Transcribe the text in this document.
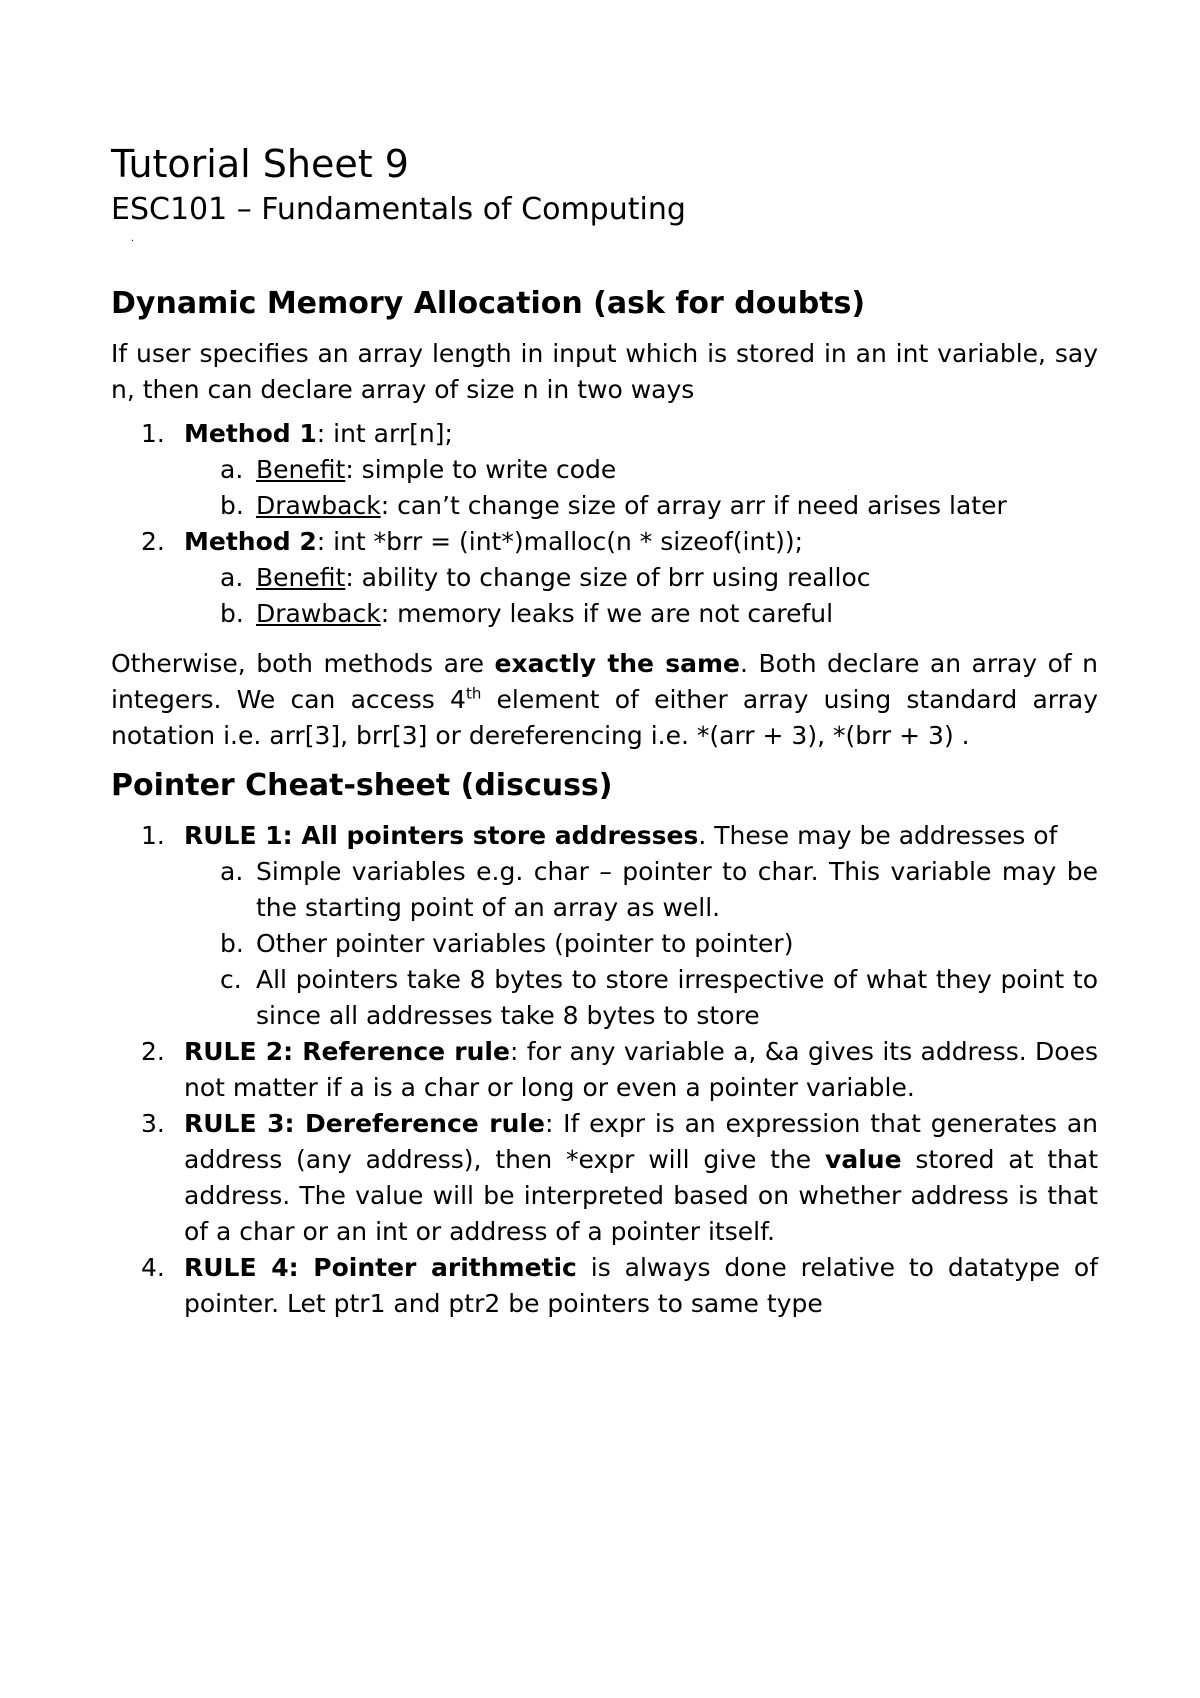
Tutorial Sheet 9
ESC101 – Fundamentals of Computing
·
Dynamic Memory Allocation (ask for doubts)

If user specifies an array length in input which is stored in an int variable, say n, then can declare array of size n in two ways

1. Method 1: int arr[n];
a. Benefit: simple to write code
b. Drawback: can’t change size of array arr if need arises later
2. Method 2: int *brr = (int*)malloc(n * sizeof(int));
a. Benefit: ability to change size of brr using realloc
b. Drawback: memory leaks if we are not careful

Otherwise, both methods are exactly the same. Both declare an array of n integers. We can access 4th element of either array using standard array notation i.e. arr[3], brr[3] or dereferencing i.e. *(arr + 3), *(brr + 3) .

Pointer Cheat-sheet (discuss)
1. RULE 1: All pointers store addresses. These may be addresses of
a. Simple variables e.g. char – pointer to char. This variable may be the starting point of an array as well.
b. Other pointer variables (pointer to pointer)
c. All pointers take 8 bytes to store irrespective of what they point to since all addresses take 8 bytes to store
2. RULE 2: Reference rule: for any variable a, &a gives its address. Does not matter if a is a char or long or even a pointer variable.
3. RULE 3: Dereference rule: If expr is an expression that generates an address (any address), then *expr will give the value stored at that address. The value will be interpreted based on whether address is that of a char or an int or address of a pointer itself.
4. RULE 4: Pointer arithmetic is always done relative to datatype of pointer. Let ptr1 and ptr2 be pointers to same type
